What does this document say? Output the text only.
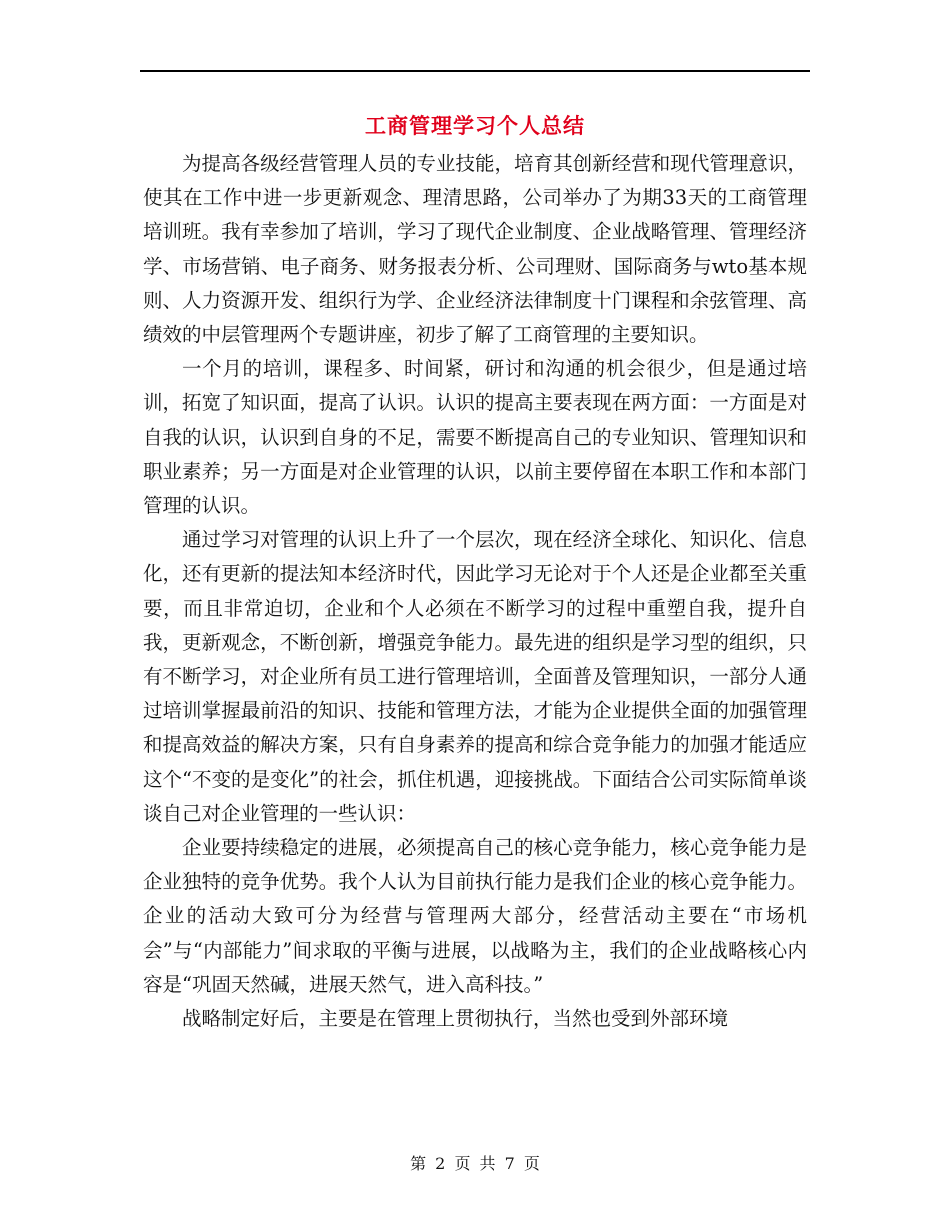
工商管理学习个人总结

为提高各级经营管理人员的专业技能，培育其创新经营和现代管理意识，使其在工作中进一步更新观念、理清思路，公司举办了为期33天的工商管理培训班。我有幸参加了培训，学习了现代企业制度、企业战略管理、管理经济学、市场营销、电子商务、财务报表分析、公司理财、国际商务与wto基本规则、人力资源开发、组织行为学、企业经济法律制度十门课程和余弦管理、高绩效的中层管理两个专题讲座，初步了解了工商管理的主要知识。

一个月的培训，课程多、时间紧，研讨和沟通的机会很少，但是通过培训，拓宽了知识面，提高了认识。认识的提高主要表现在两方面：一方面是对自我的认识，认识到自身的不足，需要不断提高自己的专业知识、管理知识和职业素养；另一方面是对企业管理的认识，以前主要停留在本职工作和本部门管理的认识。

通过学习对管理的认识上升了一个层次，现在经济全球化、知识化、信息化，还有更新的提法知本经济时代，因此学习无论对于个人还是企业都至关重要，而且非常迫切，企业和个人必须在不断学习的过程中重塑自我，提升自我，更新观念，不断创新，增强竞争能力。最先进的组织是学习型的组织，只有不断学习，对企业所有员工进行管理培训，全面普及管理知识，一部分人通过培训掌握最前沿的知识、技能和管理方法，才能为企业提供全面的加强管理和提高效益的解决方案，只有自身素养的提高和综合竞争能力的加强才能适应这个“不变的是变化”的社会，抓住机遇，迎接挑战。下面结合公司实际简单谈谈自己对企业管理的一些认识：

企业要持续稳定的进展，必须提高自己的核心竞争能力，核心竞争能力是企业独特的竞争优势。我个人认为目前执行能力是我们企业的核心竞争能力。企业的活动大致可分为经营与管理两大部分，经营活动主要在“市场机会”与“内部能力”间求取的平衡与进展，以战略为主，我们的企业战略核心内容是“巩固天然碱，进展天然气，进入高科技。”

战略制定好后，主要是在管理上贯彻执行，当然也受到外部环境

第 2 页 共 7 页
